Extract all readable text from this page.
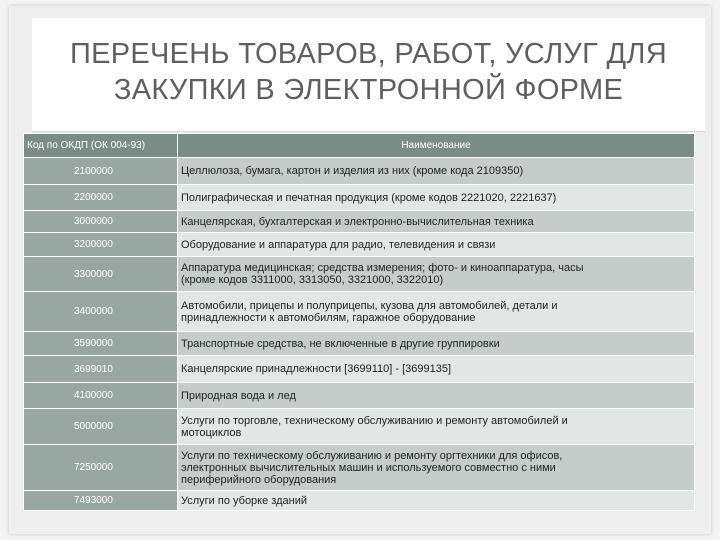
ПЕРЕЧЕНЬ ТОВАРОВ, РАБОТ, УСЛУГ ДЛЯ
ЗАКУПКИ В ЭЛЕКТРОННОЙ ФОРМЕ
Код по ОКДП (ОК 004-93)	Наименование
2100000	Целлюлоза, бумага, картон и изделия из них (кроме кода 2109350)
2200000	Полиграфическая и печатная продукция (кроме кодов 2221020, 2221637)
3000000	Канцелярская, бухгалтерская и электронно-вычислительная техника
3200000	Оборудование и аппаратура для радио, телевидения и связи
3300000	Аппаратура медицинская; средства измерения; фото- и киноаппаратура, часы
(кроме кодов 3311000, 3313050, 3321000, 3322010)
3400000	Автомобили, прицепы и полуприцепы, кузова для автомобилей, детали и
принадлежности к автомобилям, гаражное оборудование
3590000	Транспортные средства, не включенные в другие группировки
3699010	Канцелярские принадлежности [3699110] - [3699135]
4100000	Природная вода и лед
5000000	Услуги по торговле, техническому обслуживанию и ремонту автомобилей и
мотоциклов
7250000	Услуги по техническому обслуживанию и ремонту оргтехники для офисов,
электронных вычислительных машин и используемого совместно с ними
периферийного оборудования
7493000	Услуги по уборке зданий
